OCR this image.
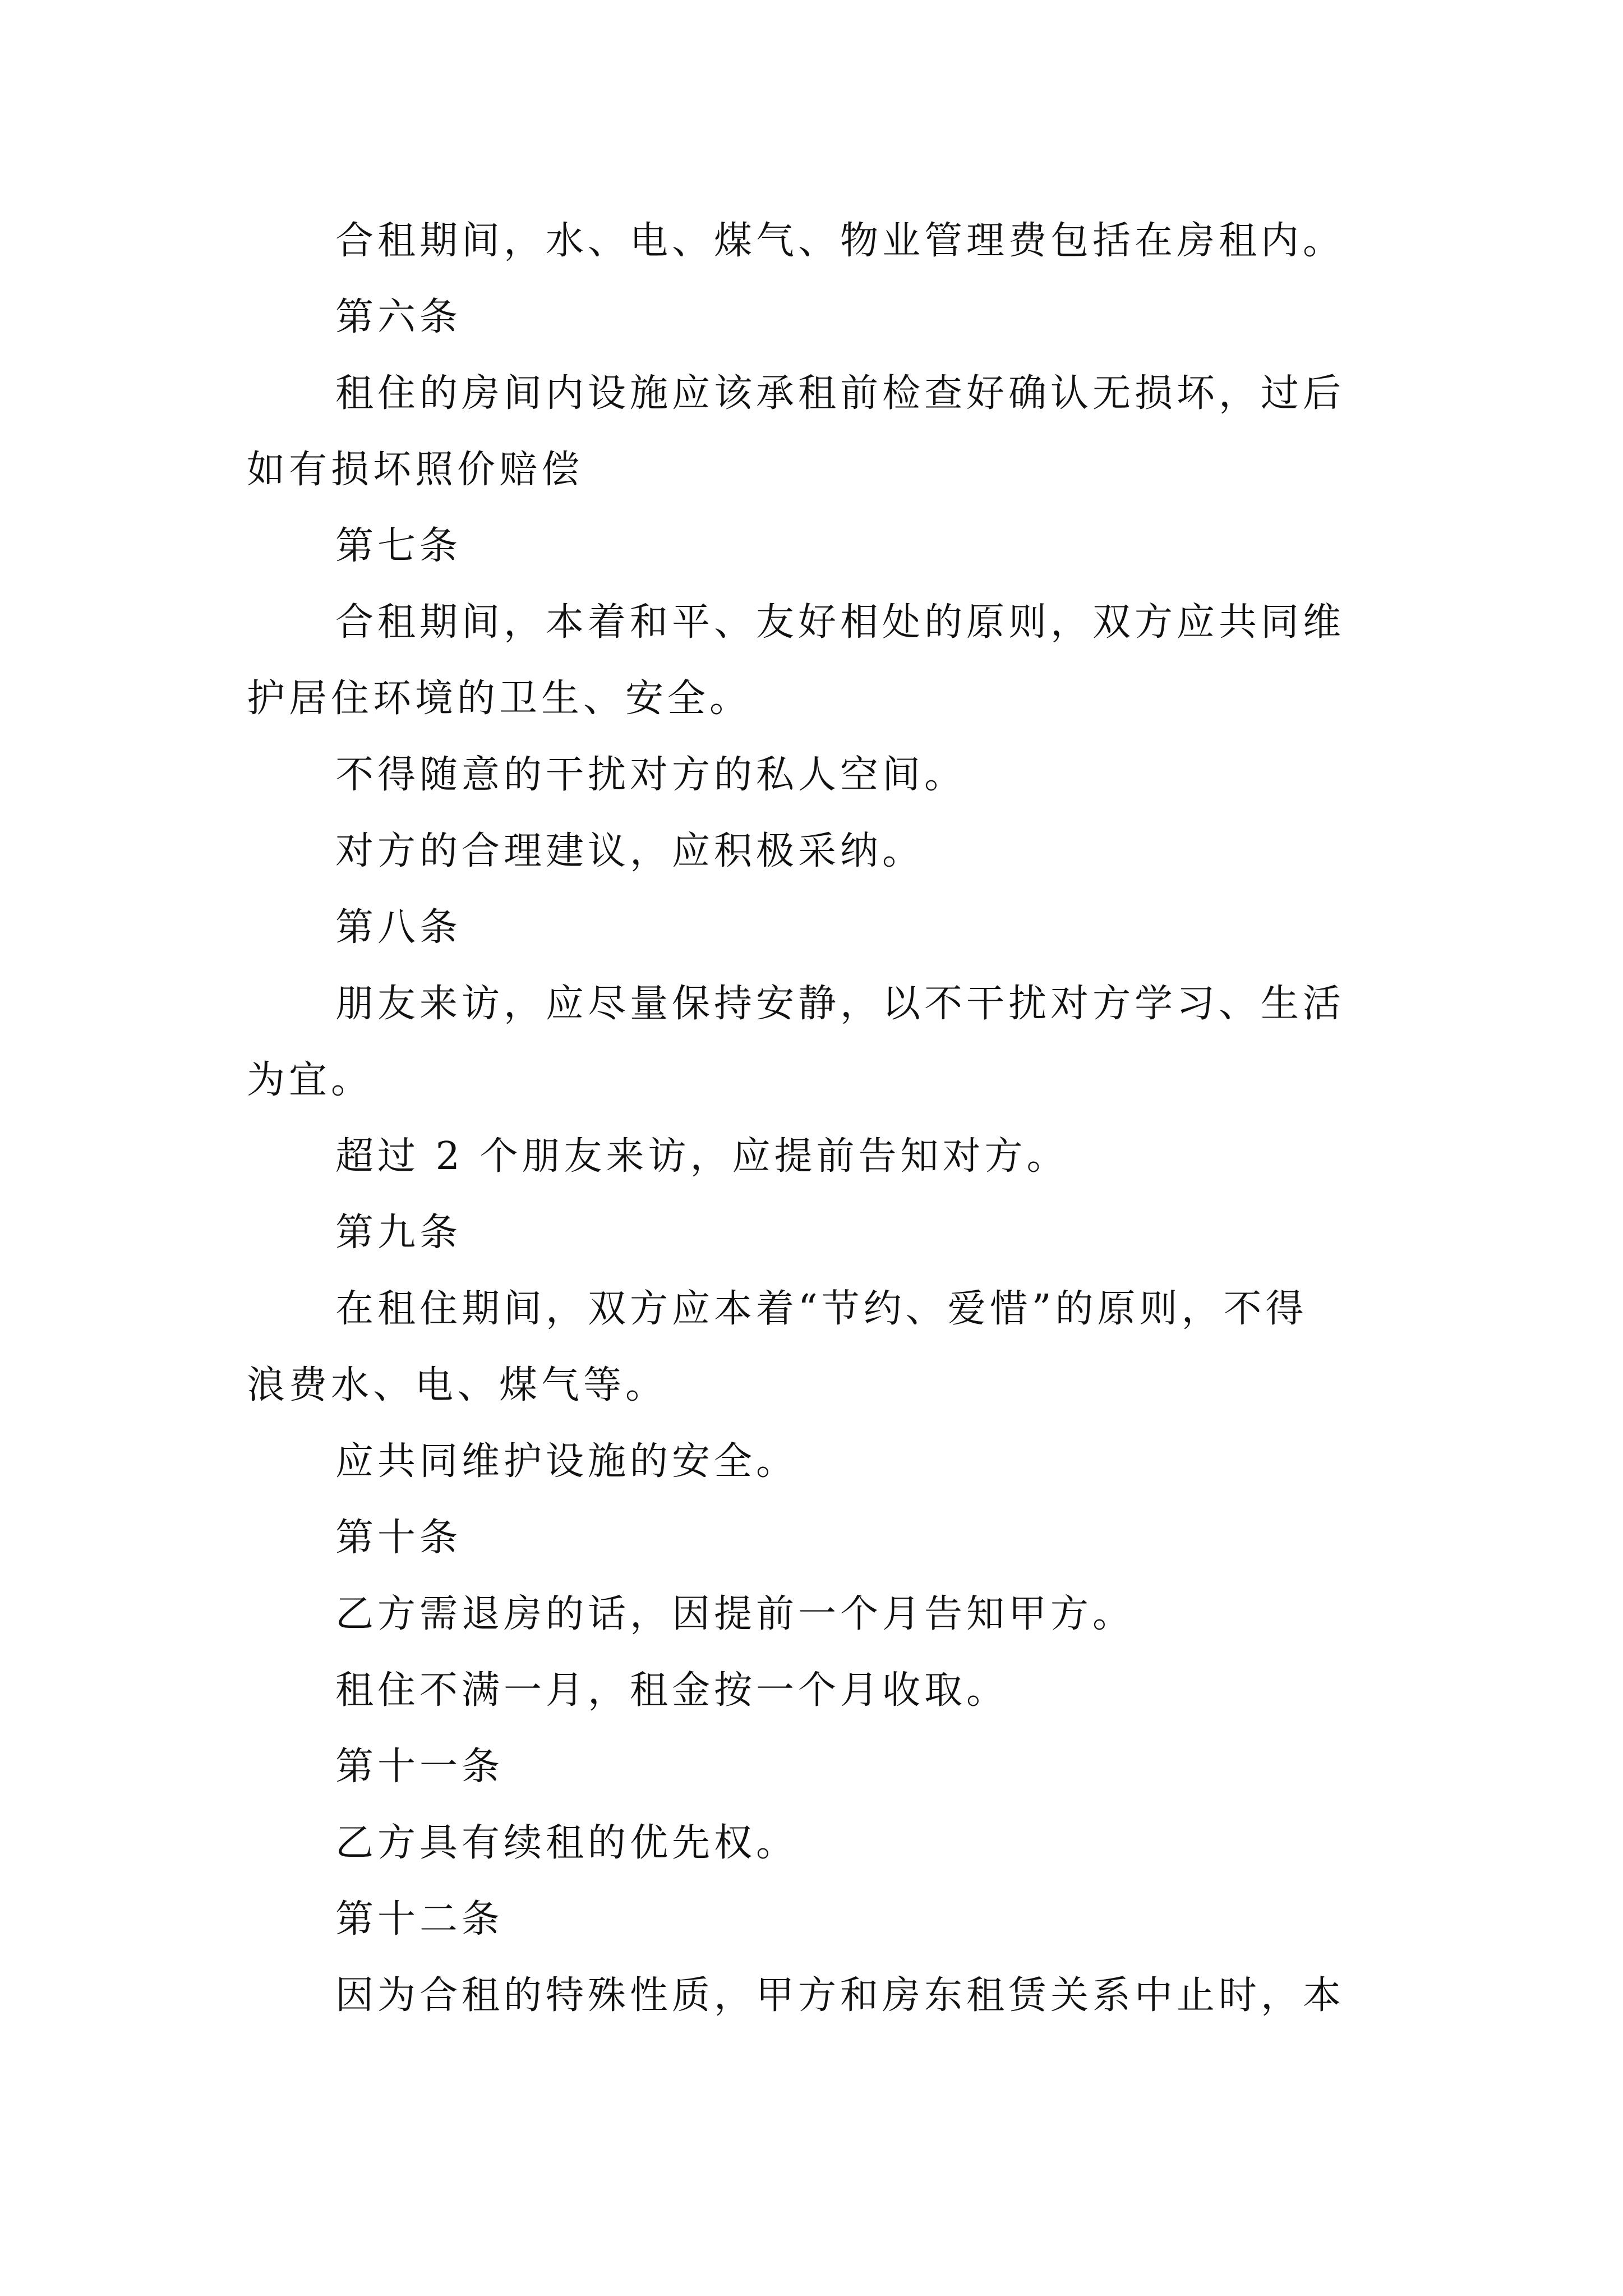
合租期间，水、电、煤气、物业管理费包括在房租内。
第六条
租住的房间内设施应该承租前检查好确认无损坏，过后
如有损坏照价赔偿
第七条
合租期间，本着和平、友好相处的原则，双方应共同维
护居住环境的卫生、安全。
不得随意的干扰对方的私人空间。
对方的合理建议，应积极采纳。
第八条
朋友来访，应尽量保持安静，以不干扰对方学习、生活
为宜。
超过 2 个朋友来访，应提前告知对方。
第九条
在租住期间，双方应本着“节约、爱惜”的原则，不得
浪费水、电、煤气等。
应共同维护设施的安全。
第十条
乙方需退房的话，因提前一个月告知甲方。
租住不满一月，租金按一个月收取。
第十一条
乙方具有续租的优先权。
第十二条
因为合租的特殊性质，甲方和房东租赁关系中止时，本
